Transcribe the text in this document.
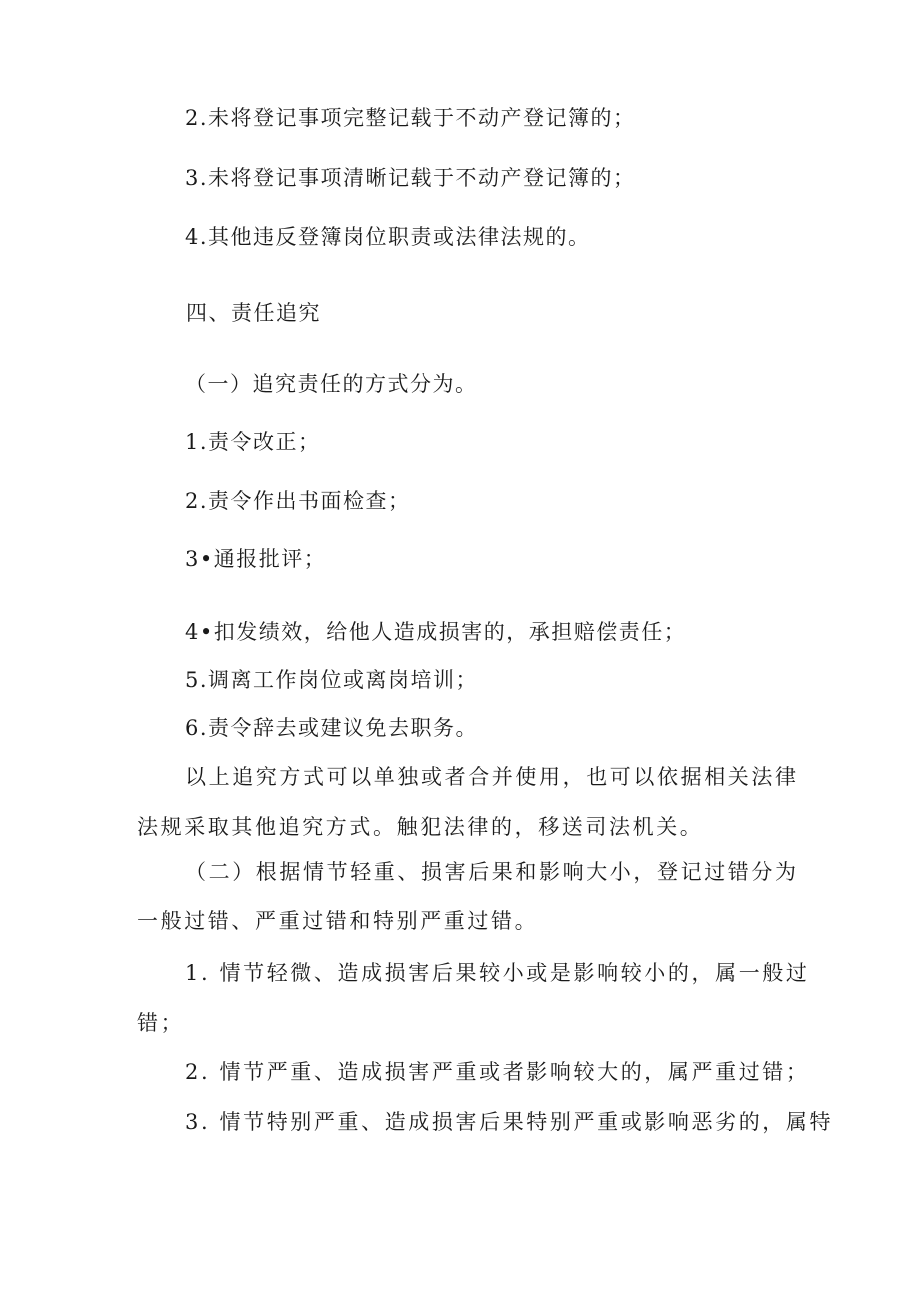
2.未将登记事项完整记载于不动产登记簿的；
3.未将登记事项清晰记载于不动产登记簿的；
4.其他违反登簿岗位职责或法律法规的。
四、责任追究
（一）追究责任的方式分为。
1.责令改正；
2.责令作出书面检查；
3•通报批评；
4•扣发绩效，给他人造成损害的，承担赔偿责任；
5.调离工作岗位或离岗培训；
6.责令辞去或建议免去职务。
以上追究方式可以单独或者合并使用，也可以依据相关法律
法规采取其他追究方式。触犯法律的，移送司法机关。
（二）根据情节轻重、损害后果和影响大小，登记过错分为
一般过错、严重过错和特别严重过错。
1. 情节轻微、造成损害后果较小或是影响较小的，属一般过
错；
2. 情节严重、造成损害严重或者影响较大的，属严重过错；
3. 情节特别严重、造成损害后果特别严重或影响恶劣的，属特
